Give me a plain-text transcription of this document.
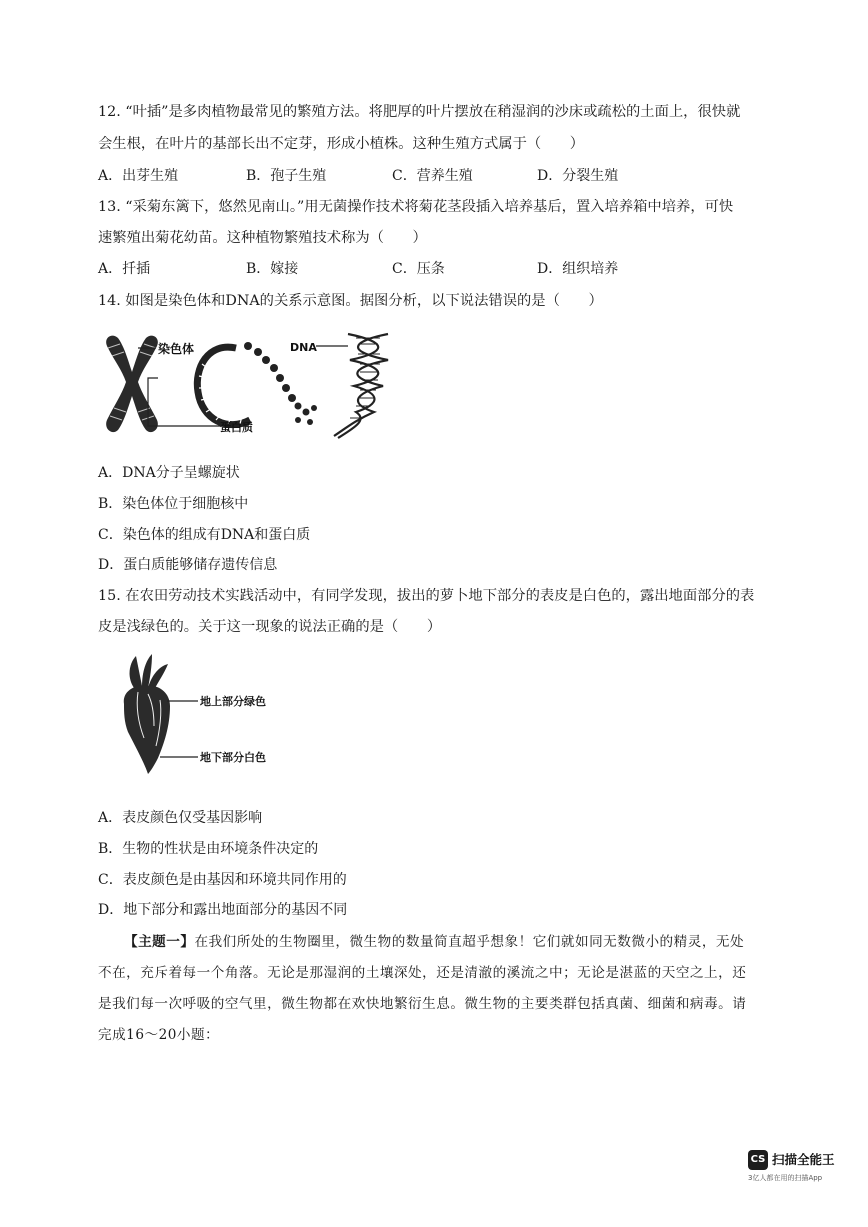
12. “叶插”是多肉植物最常见的繁殖方法。将肥厚的叶片摆放在稍湿润的沙床或疏松的土面上，很快就
会生根，在叶片的基部长出不定芽，形成小植株。这种生殖方式属于（　　）
A．出芽生殖	B．孢子生殖	C．营养生殖	D．分裂生殖
13. “采菊东篱下，悠然见南山。”用无菌操作技术将菊花茎段插入培养基后，置入培养箱中培养，可快
速繁殖出菊花幼苗。这种植物繁殖技术称为（　　）
A．扦插	B．嫁接	C．压条	D．组织培养
14. 如图是染色体和DNA的关系示意图。据图分析，以下说法错误的是（　　）
染色体	DNA
蛋白质
A．DNA分子呈螺旋状
B．染色体位于细胞核中
C．染色体的组成有DNA和蛋白质
D．蛋白质能够储存遗传信息
15. 在农田劳动技术实践活动中，有同学发现，拔出的萝卜地下部分的表皮是白色的，露出地面部分的表
皮是浅绿色的。关于这一现象的说法正确的是（　　）
地上部分绿色
地下部分白色
A．表皮颜色仅受基因影响
B．生物的性状是由环境条件决定的
C．表皮颜色是由基因和环境共同作用的
D．地下部分和露出地面部分的基因不同
【主题一】在我们所处的生物圈里，微生物的数量简直超乎想象！它们就如同无数微小的精灵，无处
不在，充斥着每一个角落。无论是那湿润的土壤深处，还是清澈的溪流之中；无论是湛蓝的天空之上，还
是我们每一次呼吸的空气里，微生物都在欢快地繁衍生息。微生物的主要类群包括真菌、细菌和病毒。请
完成16～20小题：
CS 扫描全能王
3亿人都在用的扫描App
